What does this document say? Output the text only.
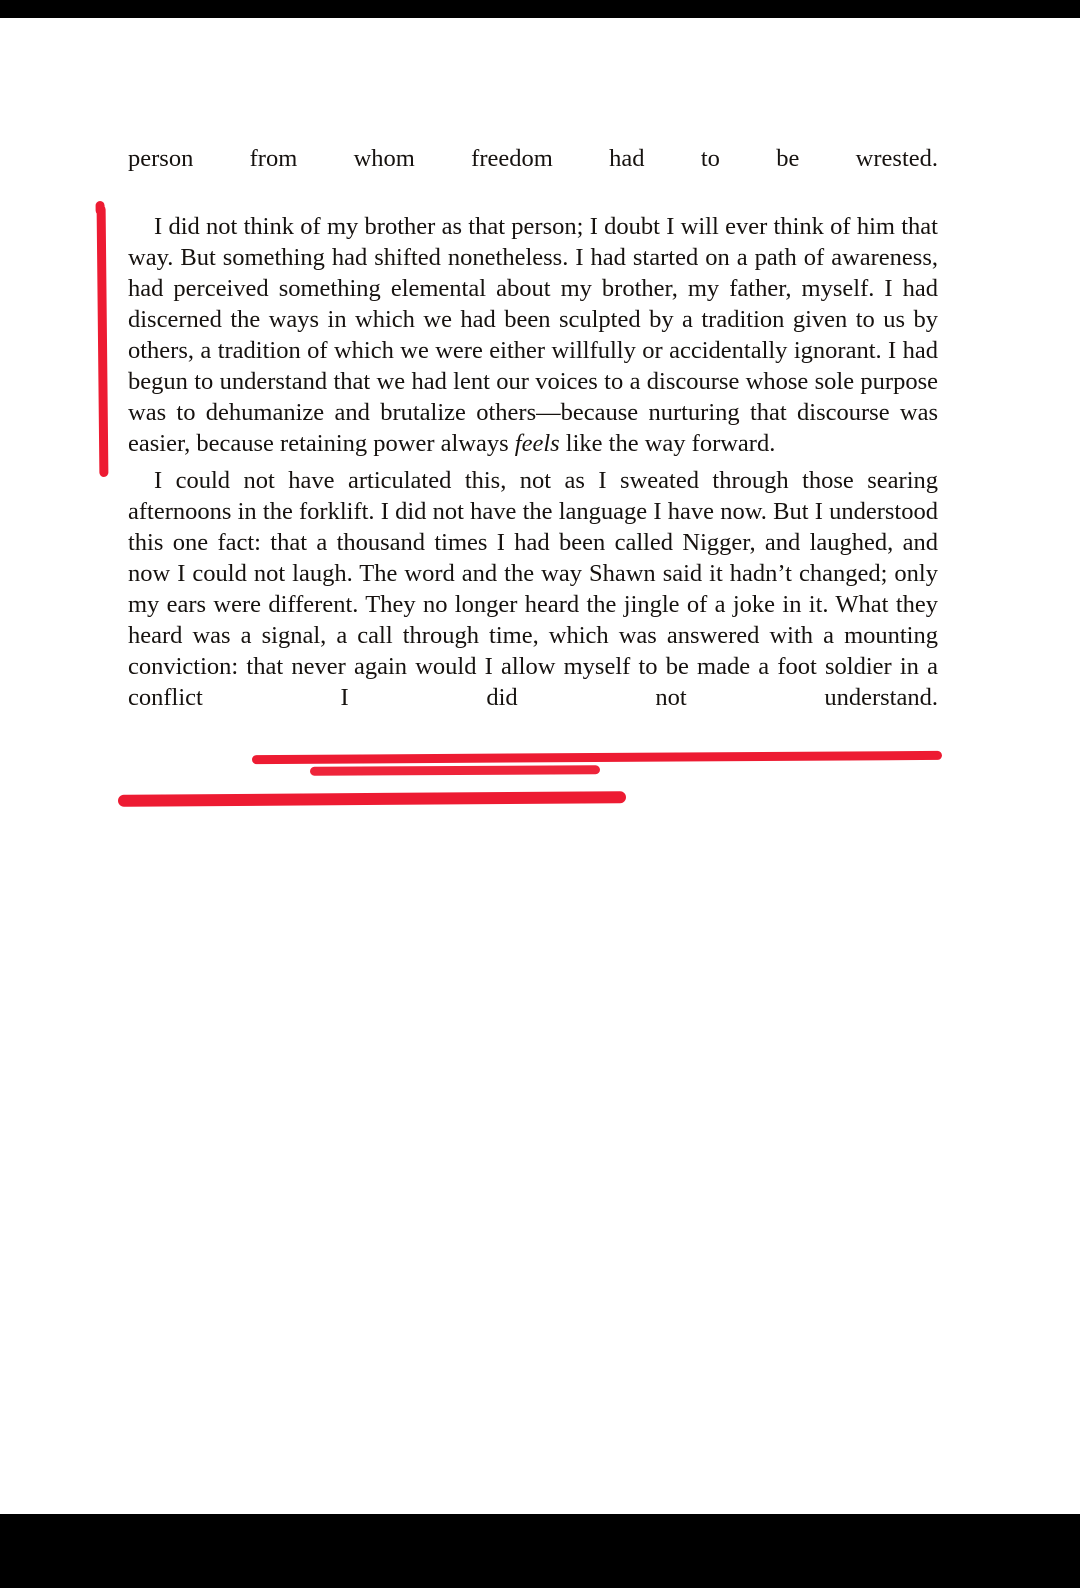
person from whom freedom had to be wrested.

I did not think of my brother as that person; I doubt I will ever think of him that way. But something had shifted nonetheless. I had started on a path of awareness, had perceived something elemental about my brother, my father, myself. I had discerned the ways in which we had been sculpted by a tradition given to us by others, a tradition of which we were either willfully or accidentally ignorant. I had begun to understand that we had lent our voices to a discourse whose sole purpose was to dehumanize and brutalize others—because nurturing that discourse was easier, because retaining power always feels like the way forward.

I could not have articulated this, not as I sweated through those searing afternoons in the forklift. I did not have the language I have now. But I understood this one fact: that a thousand times I had been called Nigger, and laughed, and now I could not laugh. The word and the way Shawn said it hadn’t changed; only my ears were different. They no longer heard the jingle of a joke in it. What they heard was a signal, a call through time, which was answered with a mounting conviction: that never again would I allow myself to be made a foot soldier in a conflict I did not understand.
